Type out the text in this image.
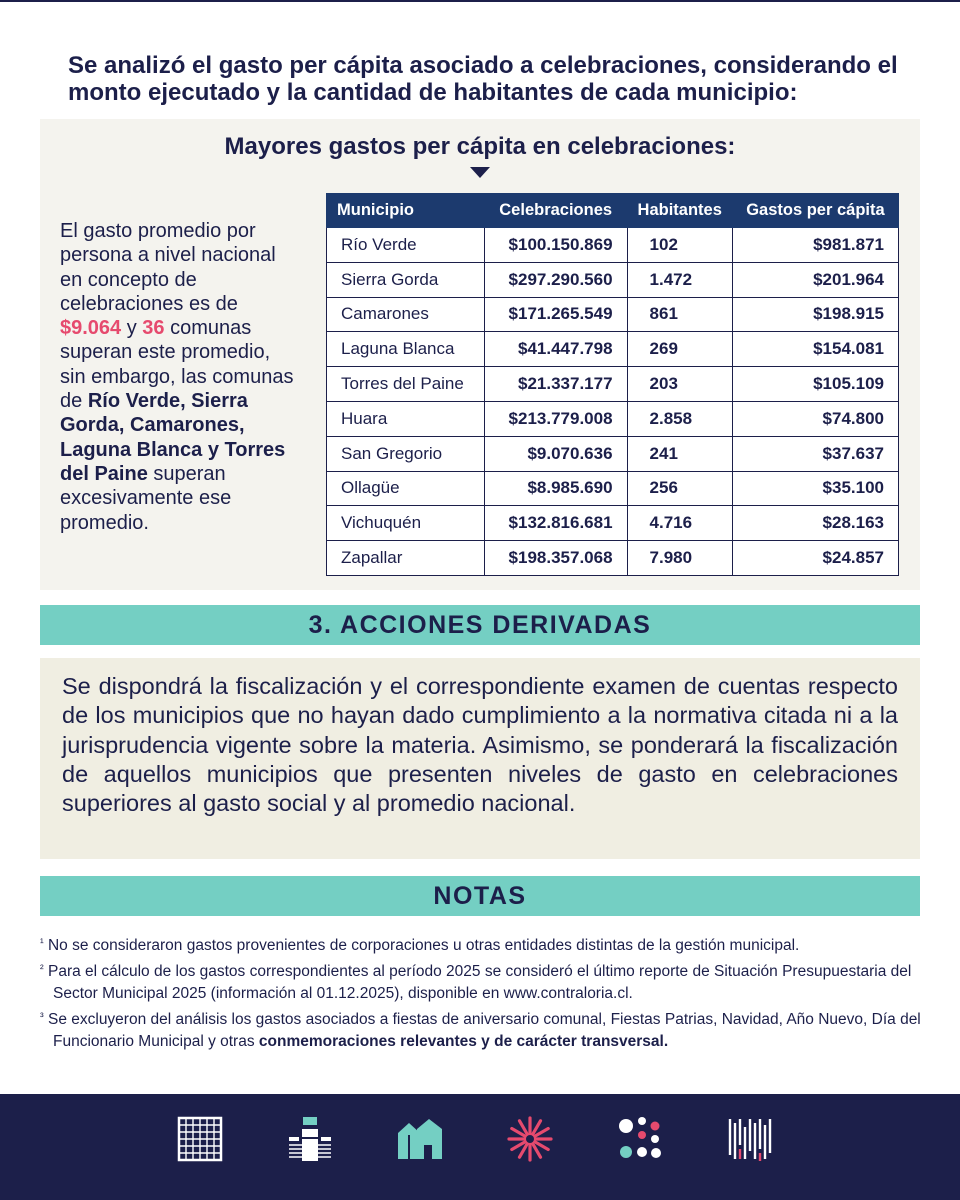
Se analizó el gasto per cápita asociado a celebraciones, considerando el monto ejecutado y la cantidad de habitantes de cada municipio:
Mayores gastos per cápita en celebraciones:
El gasto promedio por persona a nivel nacional en concepto de celebraciones es de $9.064 y 36 comunas superan este promedio, sin embargo, las comunas de Río Verde, Sierra Gorda, Camarones, Laguna Blanca y Torres del Paine superan excesivamente ese promedio.
Municipio	Celebraciones	Habitantes	Gastos per cápita
Río Verde	$100.150.869	102	$981.871
Sierra Gorda	$297.290.560	1.472	$201.964
Camarones	$171.265.549	861	$198.915
Laguna Blanca	$41.447.798	269	$154.081
Torres del Paine	$21.337.177	203	$105.109
Huara	$213.779.008	2.858	$74.800
San Gregorio	$9.070.636	241	$37.637
Ollagüe	$8.985.690	256	$35.100
Vichuquén	$132.816.681	4.716	$28.163
Zapallar	$198.357.068	7.980	$24.857
3. ACCIONES DERIVADAS
Se dispondrá la fiscalización y el correspondiente examen de cuentas respecto de los municipios que no hayan dado cumplimiento a la normativa citada ni a la jurisprudencia vigente sobre la materia. Asimismo, se ponderará la fiscalización de aquellos municipios que presenten niveles de gasto en celebraciones superiores al gasto social y al promedio nacional.
NOTAS
$^{^1}$ No se consideraron gastos provenientes de corporaciones u otras entidades distintas de la gestión municipal.
$^{^2}$ Para el cálculo de los gastos correspondientes al período 2025 se consideró el último reporte de Situación Presupuestaria del Sector Municipal 2025 (información al 01.12.2025), disponible en www.contraloria.cl.
$^{^3}$ Se excluyeron del análisis los gastos asociados a fiestas de aniversario comunal, Fiestas Patrias, Navidad, Año Nuevo, Día del Funcionario Municipal y otras conmemoraciones relevantes y de carácter transversal.
